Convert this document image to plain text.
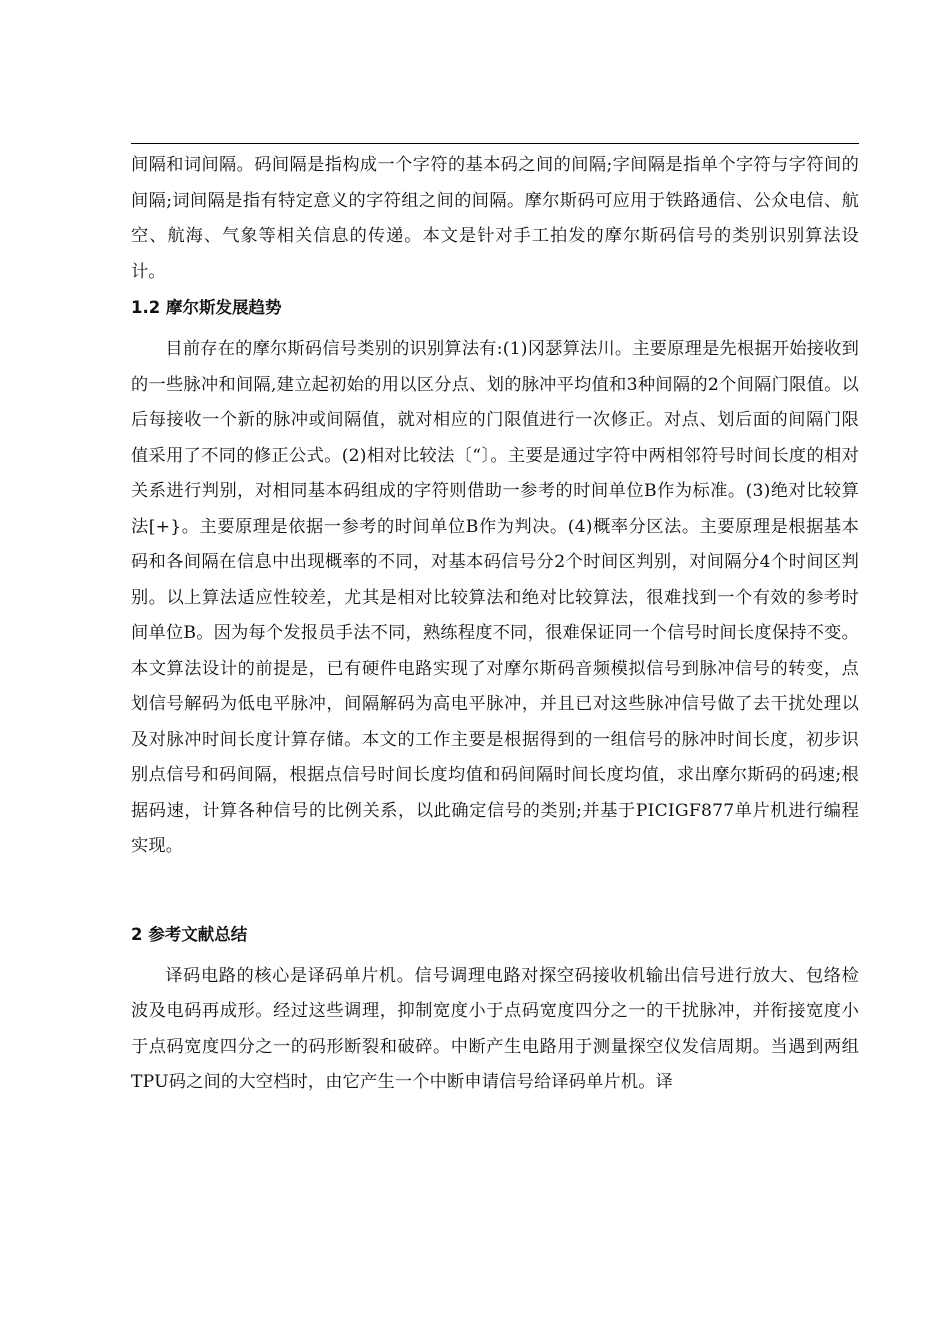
间隔和词间隔。码间隔是指构成一个字符的基本码之间的间隔;字间隔是指单个字符与字符间的间隔;词间隔是指有特定意义的字符组之间的间隔。摩尔斯码可应用于铁路通信、公众电信、航空、航海、气象等相关信息的传递。本文是针对手工拍发的摩尔斯码信号的类别识别算法设计。

1.2 摩尔斯发展趋势

目前存在的摩尔斯码信号类别的识别算法有:(1)冈瑟算法川。主要原理是先根据开始接收到的一些脉冲和间隔,建立起初始的用以区分点、划的脉冲平均值和3种间隔的2个间隔门限值。以后每接收一个新的脉冲或间隔值，就对相应的门限值进行一次修正。对点、划后面的间隔门限值采用了不同的修正公式。(2)相对比较法〔“〕。主要是通过字符中两相邻符号时间长度的相对关系进行判别，对相同基本码组成的字符则借助一参考的时间单位B作为标准。(3)绝对比较算法[+}。主要原理是依据一参考的时间单位B作为判决。(4)概率分区法。主要原理是根据基本码和各间隔在信息中出现概率的不同，对基本码信号分2个时间区判别，对间隔分4个时间区判别。以上算法适应性较差，尤其是相对比较算法和绝对比较算法，很难找到一个有效的参考时间单位B。因为每个发报员手法不同，熟练程度不同，很难保证同一个信号时间长度保持不变。本文算法设计的前提是，已有硬件电路实现了对摩尔斯码音频模拟信号到脉冲信号的转变，点划信号解码为低电平脉冲，间隔解码为高电平脉冲，并且已对这些脉冲信号做了去干扰处理以及对脉冲时间长度计算存储。本文的工作主要是根据得到的一组信号的脉冲时间长度，初步识别点信号和码间隔，根据点信号时间长度均值和码间隔时间长度均值，求出摩尔斯码的码速;根据码速，计算各种信号的比例关系，以此确定信号的类别;并基于PICIGF877单片机进行编程实现。

2 参考文献总结

译码电路的核心是译码单片机。信号调理电路对探空码接收机输出信号进行放大、包络检波及电码再成形。经过这些调理，抑制宽度小于点码宽度四分之一的干扰脉冲，并衔接宽度小于点码宽度四分之一的码形断裂和破碎。中断产生电路用于测量探空仪发信周期。当遇到两组TPU码之间的大空档时，由它产生一个中断申请信号给译码单片机。译
